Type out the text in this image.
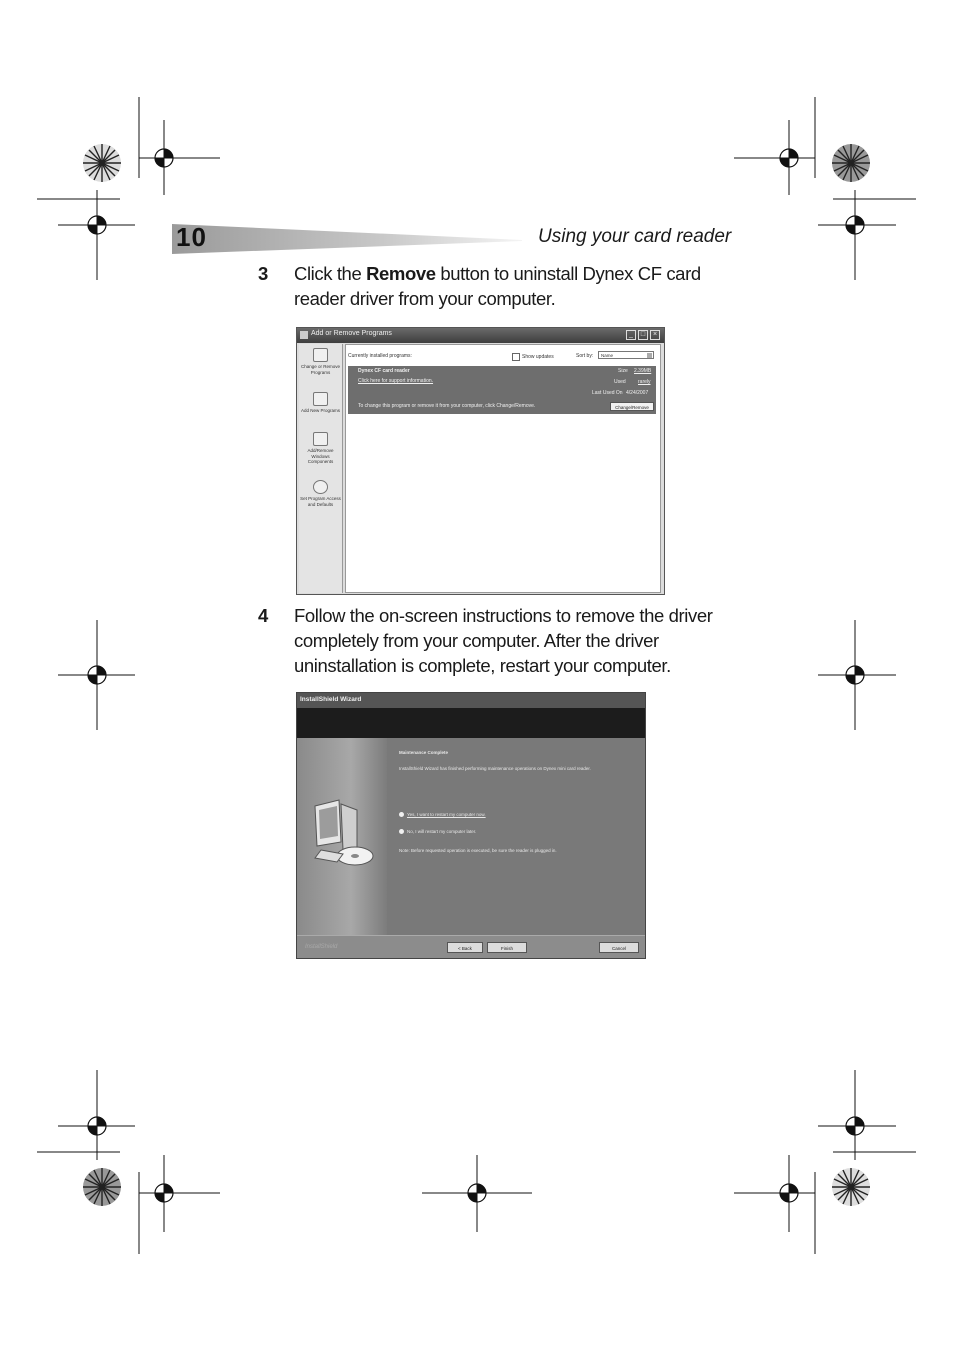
10	Using your card reader
3 Click the Remove button to uninstall Dynex CF card reader driver from your computer.
Add or Remove Programs	_	□	×
Change or Remove Programs
Add New Programs
Add/Remove Windows Components
Set Program Access and Defaults
Currently installed programs:	Show updates	Sort by:	Name
Dynex CF card reader
Click here for support information.
Size 2.39MB
Used rarely
Last Used On 4/24/2007
To change this program or remove it from your computer, click Change/Remove.	Change/Remove
4 Follow the on-screen instructions to remove the driver completely from your computer. After the driver uninstallation is complete, restart your computer.
InstallShield Wizard
Maintenance Complete
InstallShield Wizard has finished performing maintenance operations on Dynex mini card reader.
Yes, I want to restart my computer now.
No, I will restart my computer later.
Note: Before requested operation is executed, be sure the reader is plugged in.
InstallShield	< Back	Finish	Cancel
